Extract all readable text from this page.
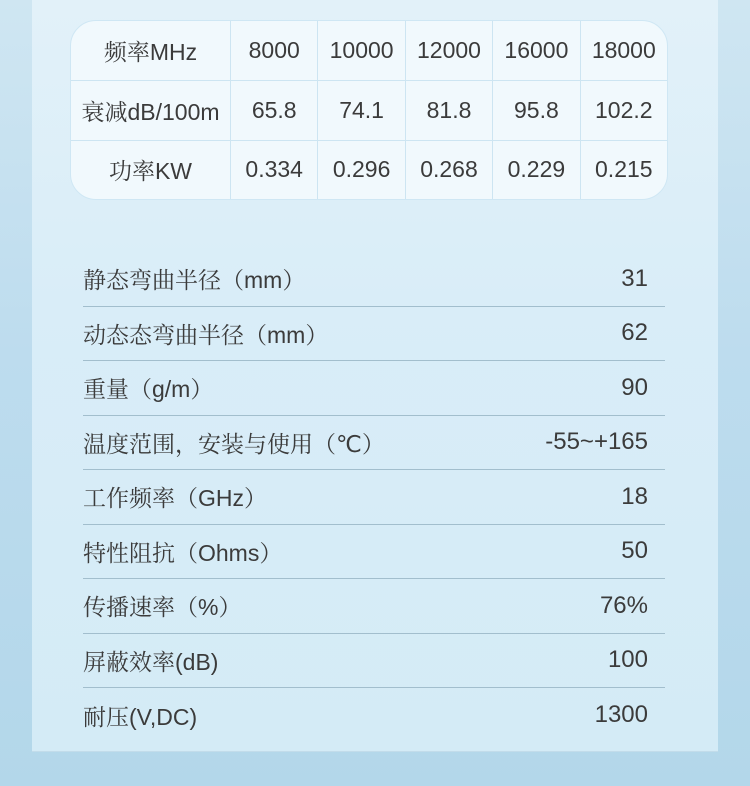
频率MHz	8000	10000	12000	16000	18000
衰减dB/100m	65.8	74.1	81.8	95.8	102.2
功率KW	0.334	0.296	0.268	0.229	0.215
静态弯曲半径（mm）	31
动态态弯曲半径（mm）	62
重量（g/m）	90
温度范围，安装与使用（℃）	-55~+165
工作频率（GHz）	18
特性阻抗（Ohms）	50
传播速率（%）	76%
屏蔽效率(dB)	100
耐压(V,DC)	1300
